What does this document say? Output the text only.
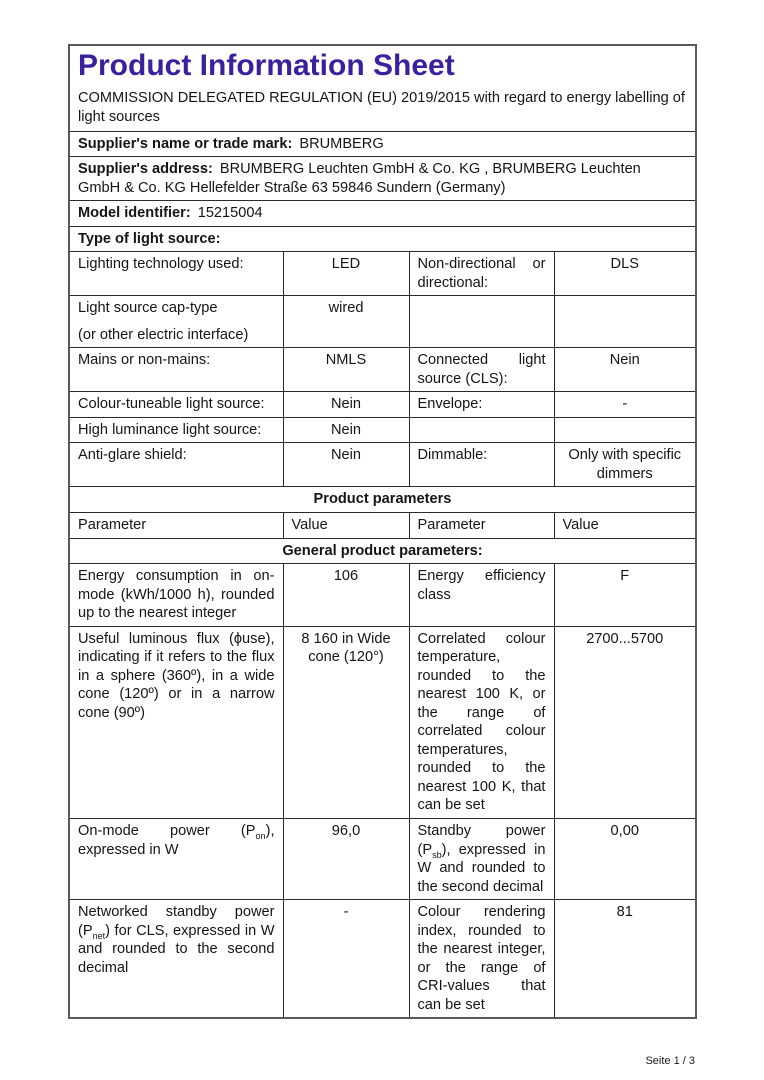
Product Information Sheet

COMMISSION DELEGATED REGULATION (EU) 2019/2015 with regard to energy labelling of light sources

Supplier's name or trade mark: BRUMBERG			
Supplier's address: BRUMBERG Leuchten GmbH & Co. KG , BRUMBERG Leuchten GmbH & Co. KG Hellefelder Straße 63 59846 Sundern (Germany)			
Model identifier: 15215004			
Type of light source:			
Lighting technology used:	LED	Non-directional or directional:	DLS

Light source cap-type
(or other electric interface)	wired		
Mains or non-mains:	NMLS	Connected light source (CLS):	Nein
Colour-tuneable light source:	Nein	Envelope:	-
High luminance light source:	Nein		
Anti-glare shield:	Nein	Dimmable:	Only with specific dimmers
Product parameters			
Parameter	Value	Parameter	Value
General product parameters:			
Energy consumption in on-mode (kWh/1000 h), rounded up to the nearest integer	106	Energy efficiency class	F
Useful luminous flux (ϕuse), indicating if it refers to the flux in a sphere (360º), in a wide cone (120º) or in a narrow cone (90º)	8 160 in Wide cone (120°)	Correlated colour temperature, rounded to the nearest 100 K, or the range of correlated colour temperatures, rounded to the nearest 100 K, that can be set	2700...5700
On-mode power $(P_{on})$, expressed in W	96,0	Standby power $(P_{sb})$, expressed in W and rounded to the second decimal	0,00
Networked standby power $(P_{net})$ for CLS, expressed in W and rounded to the second decimal	-	Colour rendering index, rounded to the nearest integer, or the range of CRI-values that can be set	81
Seite 1 / 3
